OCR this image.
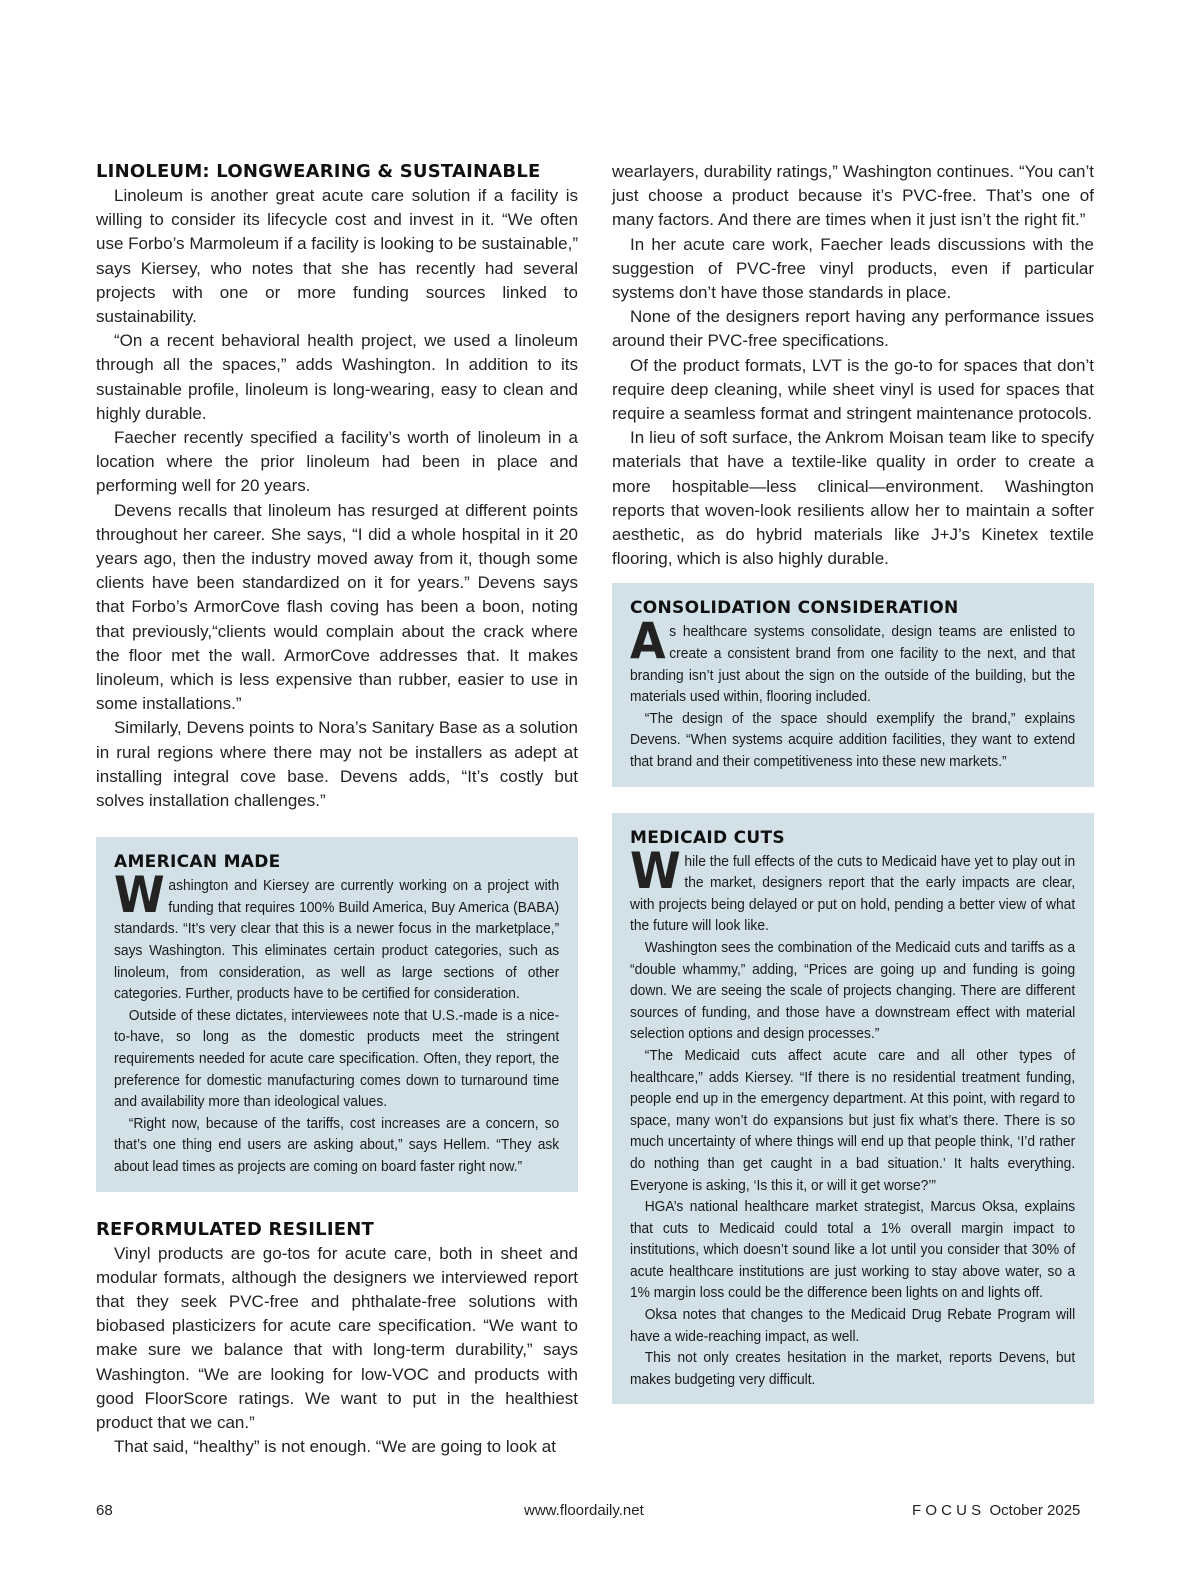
LINOLEUM: LONGWEARING & SUSTAINABLE

Linoleum is another great acute care solution if a facility is willing to consider its lifecycle cost and invest in it. “We often use Forbo’s Marmoleum if a facility is looking to be sustainable,” says Kiersey, who notes that she has recently had several projects with one or more funding sources linked to sustainability.

“On a recent behavioral health project, we used a linoleum through all the spaces,” adds Washington. In addition to its sustainable profile, linoleum is long-wearing, easy to clean and highly durable.

Faecher recently specified a facility’s worth of linoleum in a location where the prior linoleum had been in place and performing well for 20 years.

Devens recalls that linoleum has resurged at different points throughout her career. She says, “I did a whole hospital in it 20 years ago, then the industry moved away from it, though some clients have been standardized on it for years.” Devens says that Forbo’s ArmorCove flash coving has been a boon, noting that previously,“clients would complain about the crack where the floor met the wall. ArmorCove addresses that. It makes linoleum, which is less expensive than rubber, easier to use in some installations.”

Similarly, Devens points to Nora’s Sanitary Base as a solution in rural regions where there may not be installers as adept at installing integral cove base. Devens adds, “It’s costly but solves installation challenges.”

AMERICAN MADE

Washington and Kiersey are currently working on a project with funding that requires 100% Build America, Buy America (BABA) standards. “It’s very clear that this is a newer focus in the marketplace,” says Washington. This eliminates certain product categories, such as linoleum, from consideration, as well as large sections of other categories. Further, products have to be certified for consideration.

Outside of these dictates, interviewees note that U.S.-made is a nice-to-have, so long as the domestic products meet the stringent requirements needed for acute care specification. Often, they report, the preference for domestic manufacturing comes down to turnaround time and availability more than ideological values.

“Right now, because of the tariffs, cost increases are a concern, so that’s one thing end users are asking about,” says Hellem. “They ask about lead times as projects are coming on board faster right now.”

REFORMULATED RESILIENT

Vinyl products are go-tos for acute care, both in sheet and modular formats, although the designers we interviewed report that they seek PVC-free and phthalate-free solutions with biobased plasticizers for acute care specification. “We want to make sure we balance that with long-term durability,” says Washington. “We are looking for low-VOC and products with good FloorScore ratings. We want to put in the healthiest product that we can.”

That said, “healthy” is not enough. “We are going to look at

wearlayers, durability ratings,” Washington continues. “You can’t just choose a product because it’s PVC-free. That’s one of many factors. And there are times when it just isn’t the right fit.”

In her acute care work, Faecher leads discussions with the suggestion of PVC-free vinyl products, even if particular systems don’t have those standards in place.

None of the designers report having any performance issues around their PVC-free specifications.

Of the product formats, LVT is the go-to for spaces that don’t require deep cleaning, while sheet vinyl is used for spaces that require a seamless format and stringent maintenance protocols.

In lieu of soft surface, the Ankrom Moisan team like to specify materials that have a textile-like quality in order to create a more hospitable—less clinical—environment. Washington reports that woven-look resilients allow her to maintain a softer aesthetic, as do hybrid materials like J+J’s Kinetex textile flooring, which is also highly durable.

CONSOLIDATION CONSIDERATION

As healthcare systems consolidate, design teams are enlisted to create a consistent brand from one facility to the next, and that branding isn’t just about the sign on the outside of the building, but the materials used within, flooring included.

“The design of the space should exemplify the brand,” explains Devens. “When systems acquire addition facilities, they want to extend that brand and their competitiveness into these new markets.”

MEDICAID CUTS

While the full effects of the cuts to Medicaid have yet to play out in the market, designers report that the early impacts are clear, with projects being delayed or put on hold, pending a better view of what the future will look like.

Washington sees the combination of the Medicaid cuts and tariffs as a “double whammy,” adding, “Prices are going up and funding is going down. We are seeing the scale of projects changing. There are different sources of funding, and those have a downstream effect with material selection options and design processes.”

“The Medicaid cuts affect acute care and all other types of healthcare,” adds Kiersey. “If there is no residential treatment funding, people end up in the emergency department. At this point, with regard to space, many won’t do expansions but just fix what’s there. There is so much uncertainty of where things will end up that people think, ‘I’d rather do nothing than get caught in a bad situation.’ It halts everything. Everyone is asking, ‘Is this it, or will it get worse?’”

HGA’s national healthcare market strategist, Marcus Oksa, explains that cuts to Medicaid could total a 1% overall margin impact to institutions, which doesn’t sound like a lot until you consider that 30% of acute healthcare institutions are just working to stay above water, so a 1% margin loss could be the difference been lights on and lights off.

Oksa notes that changes to the Medicaid Drug Rebate Program will have a wide-reaching impact, as well.

This not only creates hesitation in the market, reports Devens, but makes budgeting very difficult.

68	www.floordaily.net	F O C U S  October 2025
